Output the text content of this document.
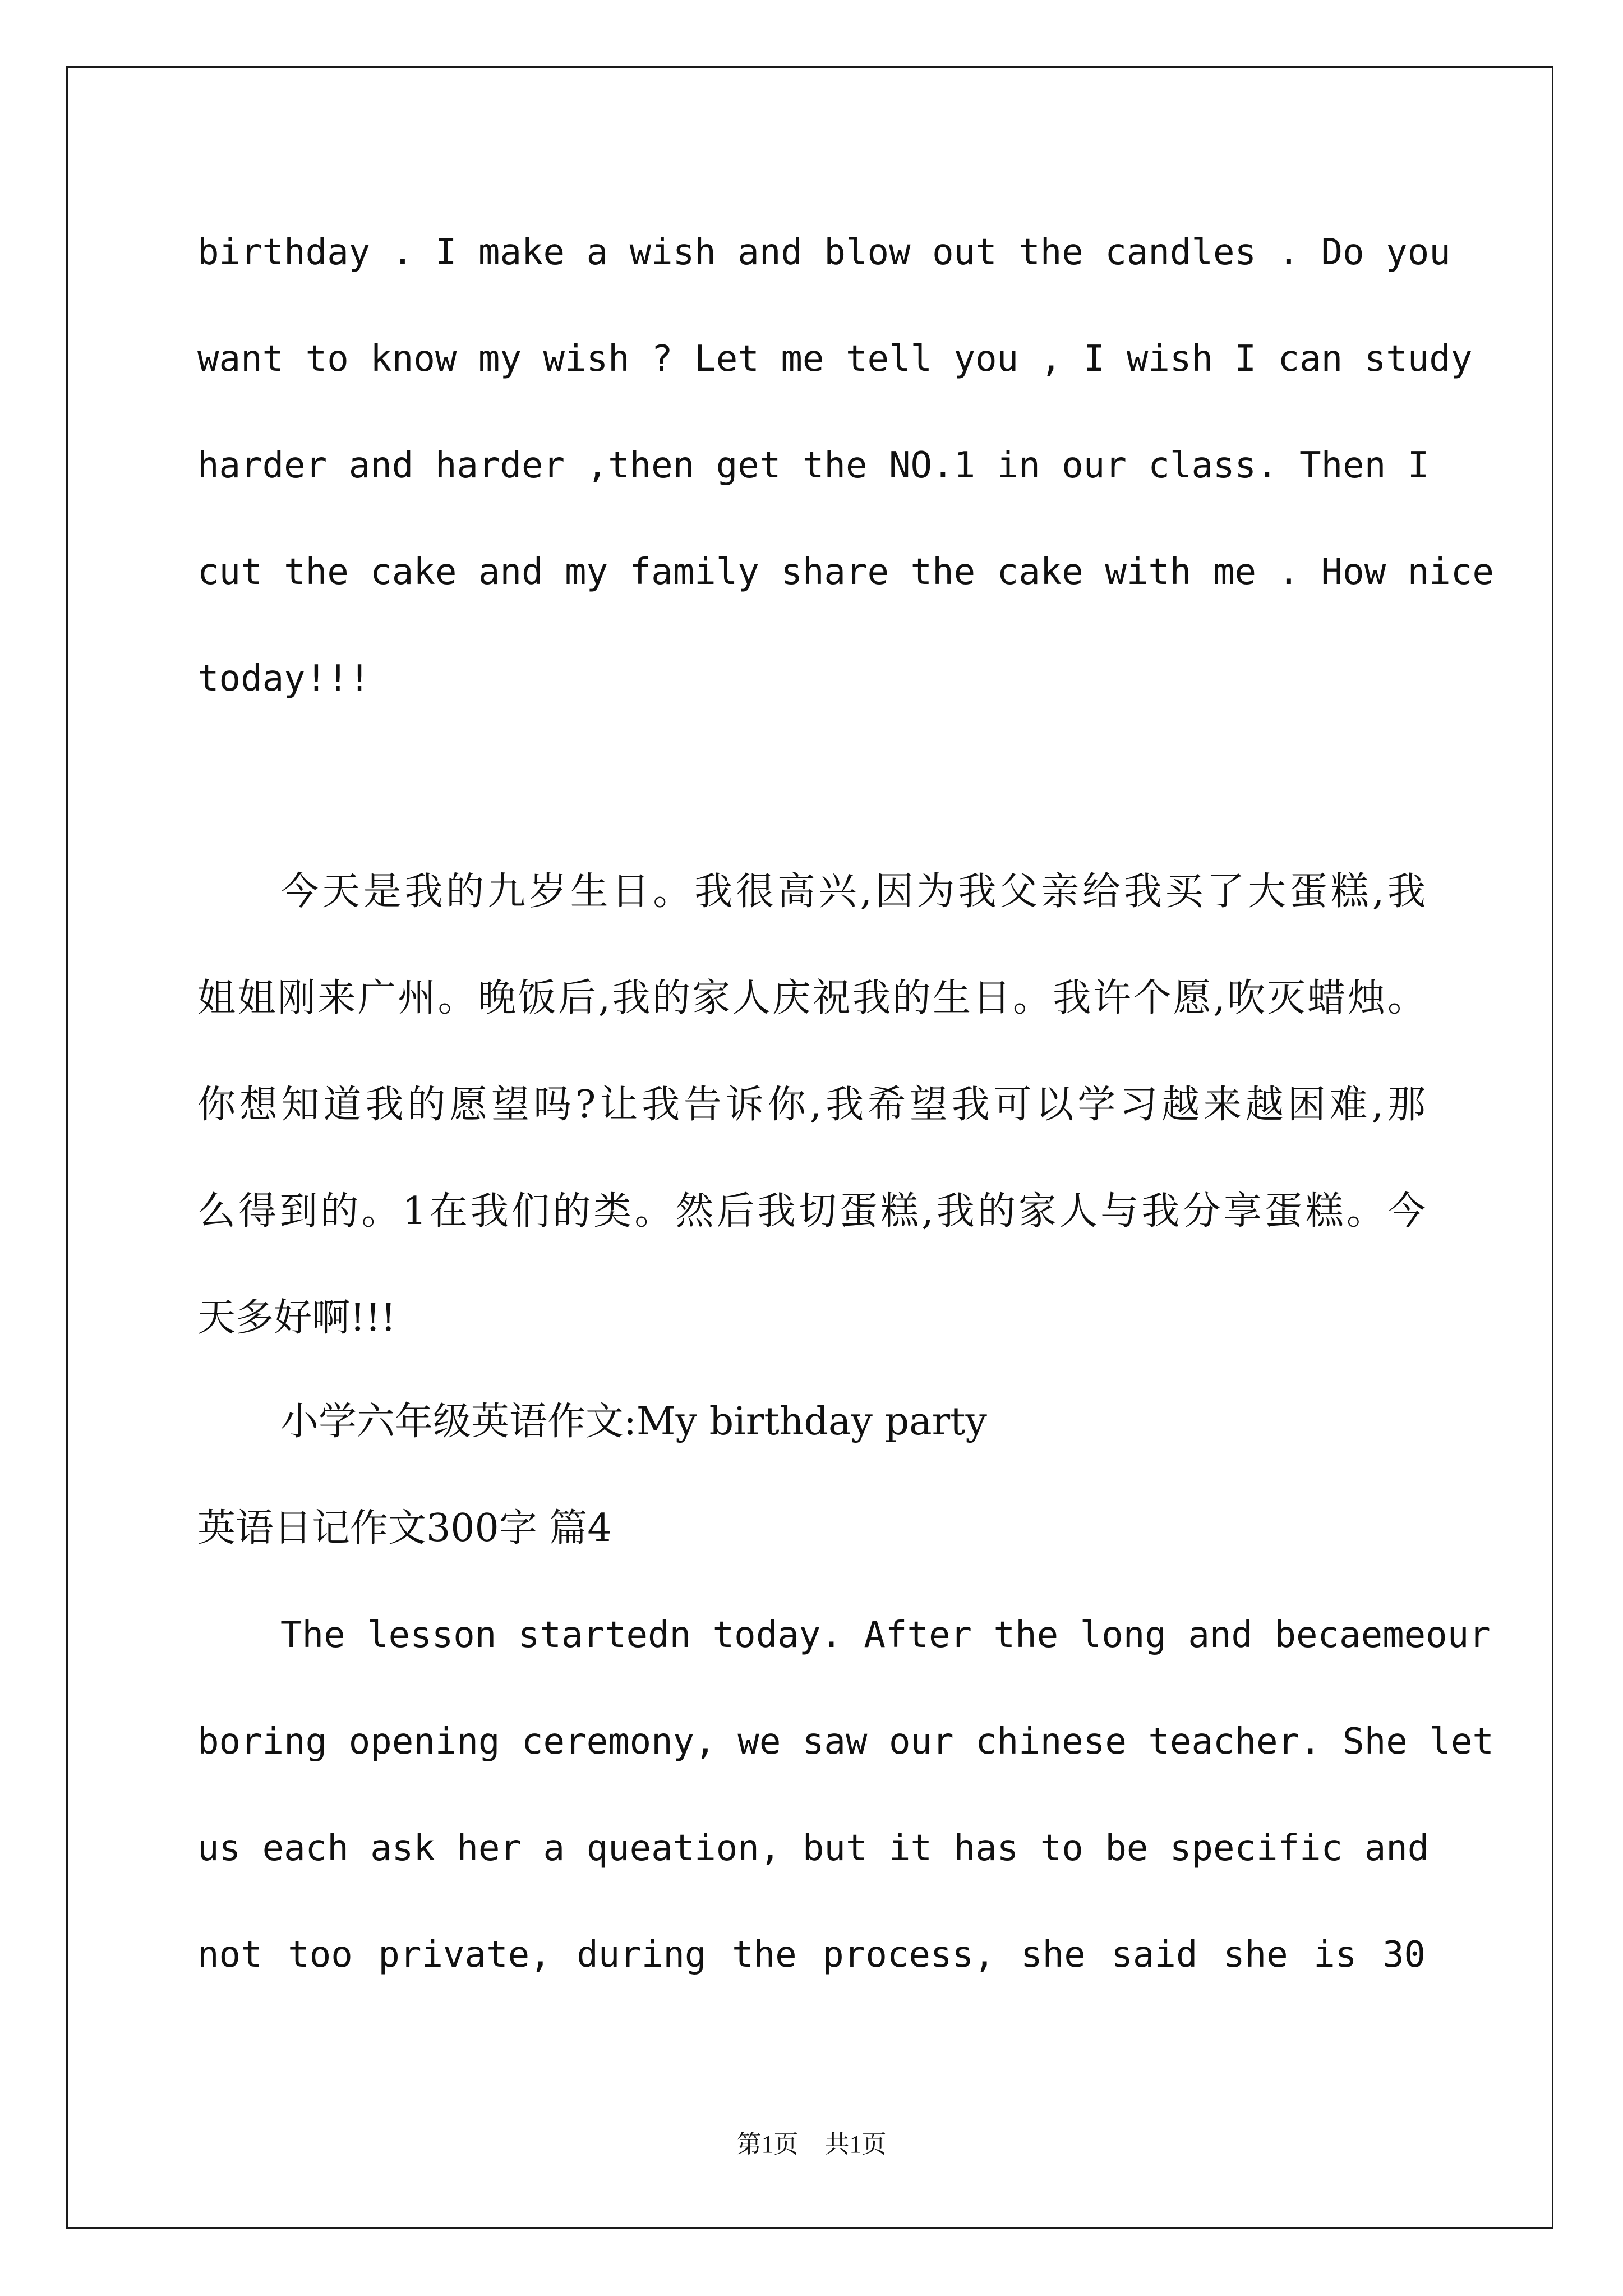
birthday . I make a wish and blow out the candles . Do you

want to know my wish ? Let me tell you , I wish I can study

harder and harder ,then get the NO.1 in our class. Then I

cut the cake and my family share the cake with me . How nice

today!!!

今天是我的九岁生日。我很高兴,因为我父亲给我买了大蛋糕,我

姐姐刚来广州。晚饭后,我的家人庆祝我的生日。我许个愿,吹灭蜡烛。

你想知道我的愿望吗?让我告诉你,我希望我可以学习越来越困难,那

么得到的。1在我们的类。然后我切蛋糕,我的家人与我分享蛋糕。今

天多好啊!!!

小学六年级英语作文:My birthday party

英语日记作文300字 篇4

The lesson startedn today. After the long and becaemeour

boring opening ceremony, we saw our chinese teacher. She let

us each ask her a queation, but it has to be specific and

not too private, during the process, she said she is 30

第1页 共1页
